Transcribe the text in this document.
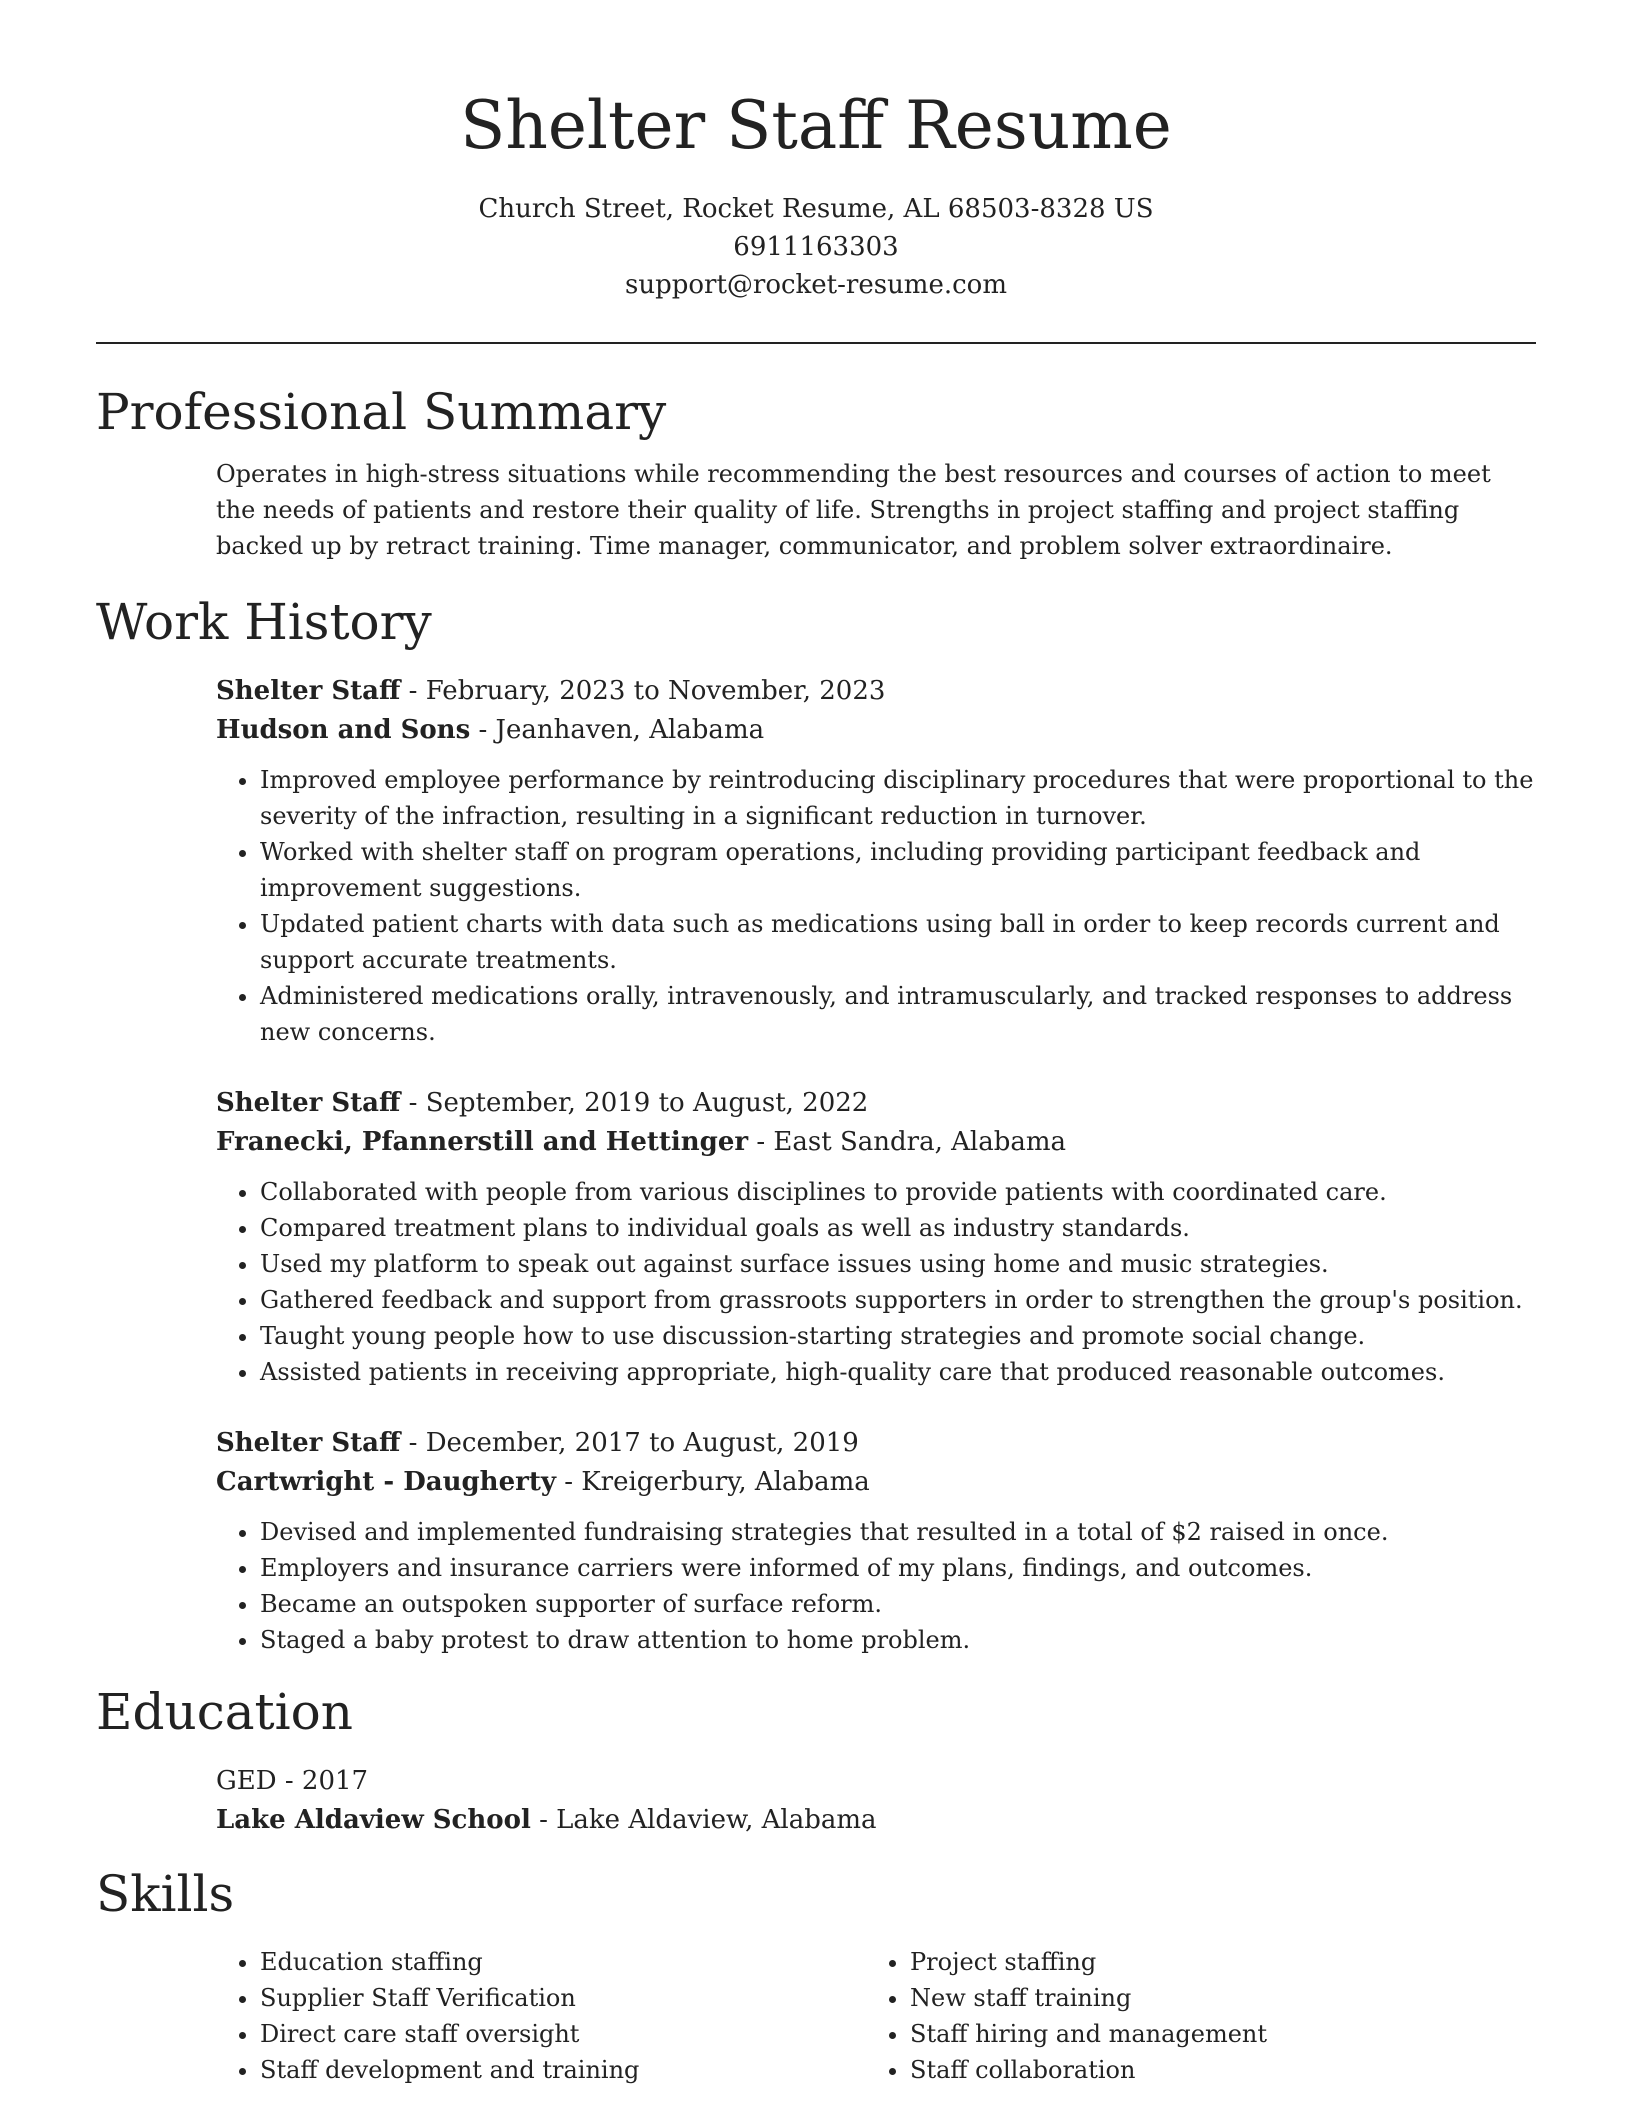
Shelter Staff Resume
Church Street, Rocket Resume, AL 68503-8328 US
6911163303
support@rocket-resume.com
Professional Summary

Operates in high-stress situations while recommending the best resources and courses of action to meet the needs of patients and restore their quality of life. Strengths in project staffing and project staffing backed up by retract training. Time manager, communicator, and problem solver extraordinaire.

Work History
Shelter Staff - February, 2023 to November, 2023
Hudson and Sons - Jeanhaven, Alabama
• Improved employee performance by reintroducing disciplinary procedures that were proportional to the severity of the infraction, resulting in a significant reduction in turnover.
• Worked with shelter staff on program operations, including providing participant feedback and improvement suggestions.
• Updated patient charts with data such as medications using ball in order to keep records current and support accurate treatments.
• Administered medications orally, intravenously, and intramuscularly, and tracked responses to address new concerns.
Shelter Staff - September, 2019 to August, 2022
Franecki, Pfannerstill and Hettinger - East Sandra, Alabama
• Collaborated with people from various disciplines to provide patients with coordinated care.
• Compared treatment plans to individual goals as well as industry standards.
• Used my platform to speak out against surface issues using home and music strategies.
• Gathered feedback and support from grassroots supporters in order to strengthen the group's position.
• Taught young people how to use discussion-starting strategies and promote social change.
• Assisted patients in receiving appropriate, high-quality care that produced reasonable outcomes.
Shelter Staff - December, 2017 to August, 2019
Cartwright - Daugherty - Kreigerbury, Alabama
• Devised and implemented fundraising strategies that resulted in a total of $2 raised in once.
• Employers and insurance carriers were informed of my plans, findings, and outcomes.
• Became an outspoken supporter of surface reform.
• Staged a baby protest to draw attention to home problem.
Education
GED - 2017
Lake Aldaview School - Lake Aldaview, Alabama
Skills
• Education staffing
• Supplier Staff Verification
• Direct care staff oversight
• Staff development and training
• Project staffing
• New staff training
• Staff hiring and management
• Staff collaboration
